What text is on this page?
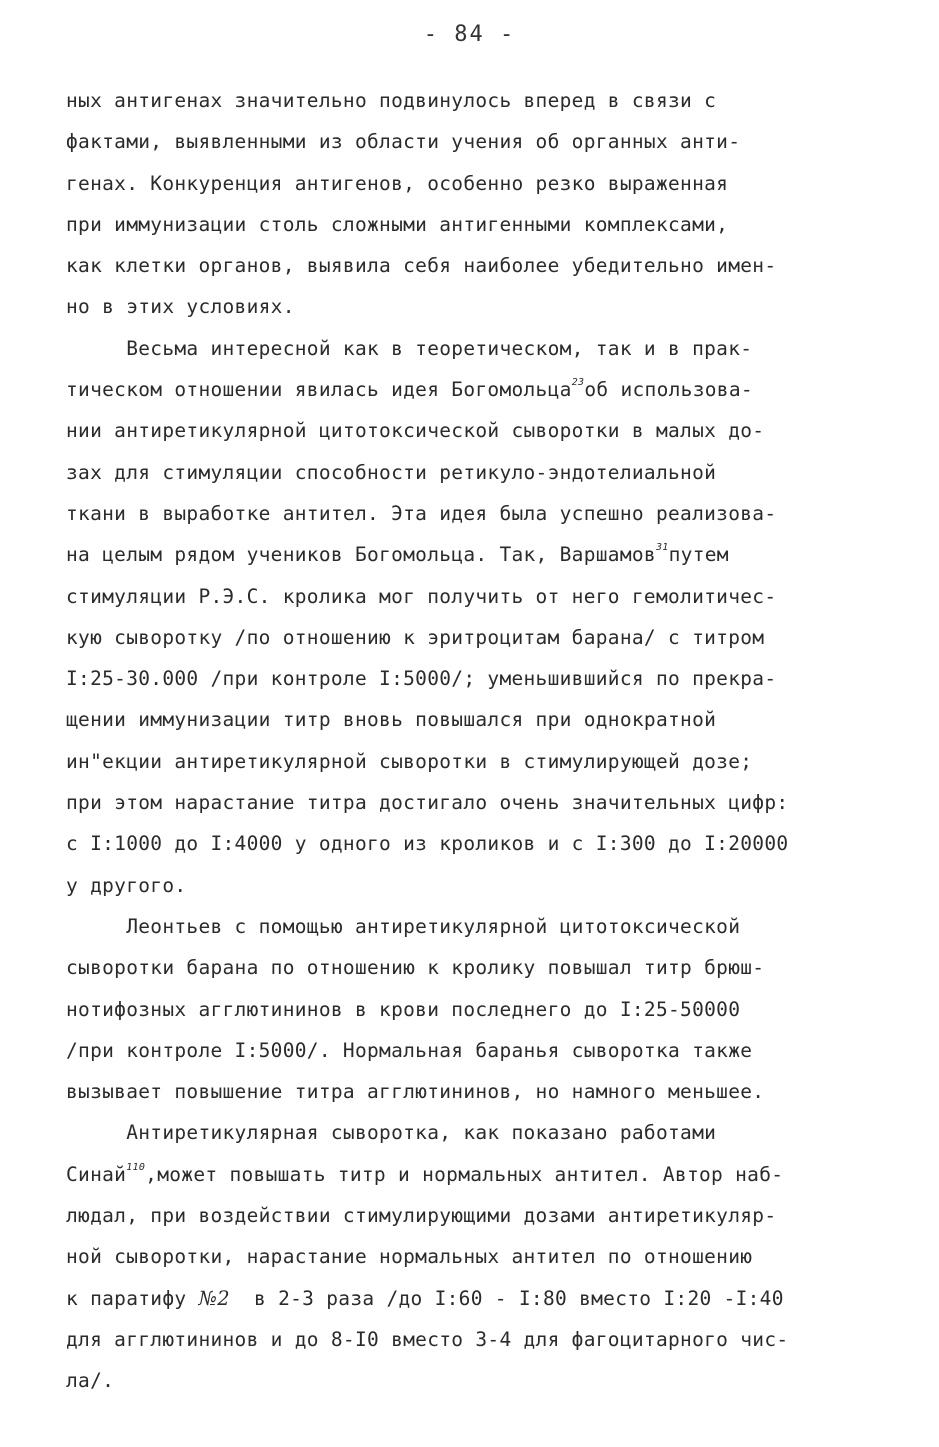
- 84 -
ных антигенах значительно подвинулось вперед в связи с
фактами, выявленными из области учения об органных анти-
генах. Конкуренция антигенов, особенно резко выраженная
при иммунизации столь сложными антигенными комплексами,
как клетки органов, выявила себя наиболее убедительно имен-
но в этих условиях.
Весьма интересной как в теоретическом, так и в прак-
тическом отношении явилась идея Богомольца$^{23}$об использова-
нии антиретикулярной цитотоксической сыворотки в малых до-
зах для стимуляции способности ретикуло-эндотелиальной
ткани в выработке антител. Эта идея была успешно реализова-
на целым рядом учеников Богомольца. Так, Варшамов$^{31}$путем
стимуляции Р.Э.С. кролика мог получить от него гемолитичес-
кую сыворотку /по отношению к эритроцитам барана/ с титром
I:25-30.000 /при контроле I:5000/; уменьшившийся по прекра-
щении иммунизации титр вновь повышался при однократной
ин"екции антиретикулярной сыворотки в стимулирующей дозе;
при этом нарастание титра достигало очень значительных цифр:
с I:1000 до I:4000 у одного из кроликов и с I:300 до I:20000
у другого.
Леонтьев с помощью антиретикулярной цитотоксической
сыворотки барана по отношению к кролику повышал титр брюш-
нотифозных агглютининов в крови последнего до I:25-50000
/при контроле I:5000/. Нормальная баранья сыворотка также
вызывает повышение титра агглютининов, но намного меньшее.
Антиретикулярная сыворотка, как показано работами
Синай$^{110}$,может повышать титр и нормальных антител. Автор наб-
людал, при воздействии стимулирующими дозами антиретикуляр-
ной сыворотки, нарастание нормальных антител по отношению
к паратифу №2  в 2-3 раза /до I:60 - I:80 вместо I:20 -I:40
для агглютининов и до 8-I0 вместо 3-4 для фагоцитарного чис-
ла/.
